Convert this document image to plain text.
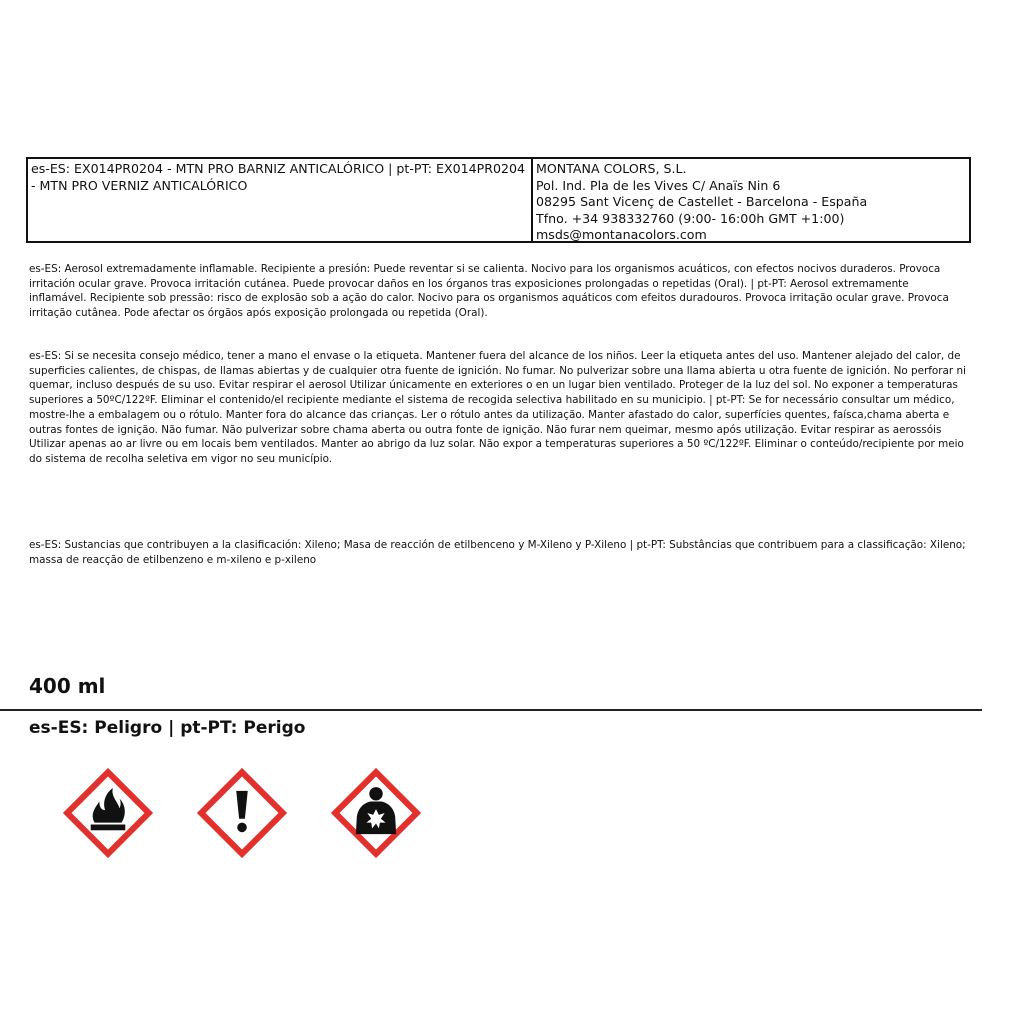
es-ES: EX014PR0204 - MTN PRO BARNIZ ANTICALÓRICO | pt-PT: EX014PR0204 - MTN PRO VERNIZ ANTICALÓRICO
MONTANA COLORS, S.L.
Pol. Ind. Pla de les Vives C/ Anaïs Nin 6
08295 Sant Vicenç de Castellet - Barcelona - España
Tfno. +34 938332760 (9:00- 16:00h GMT +1:00)
msds@montanacolors.com

es-ES: Aerosol extremadamente inflamable. Recipiente a presión: Puede reventar si se calienta. Nocivo para los organismos acuáticos, con efectos nocivos duraderos. Provoca irritación ocular grave. Provoca irritación cutánea. Puede provocar daños en los órganos tras exposiciones prolongadas o repetidas (Oral). | pt-PT: Aerosol extremamente inflamável. Recipiente sob pressão: risco de explosão sob a ação do calor. Nocivo para os organismos aquáticos com efeitos duradouros. Provoca irritação ocular grave. Provoca irritação cutânea. Pode afectar os órgãos após exposição prolongada ou repetida (Oral).

es-ES: Si se necesita consejo médico, tener a mano el envase o la etiqueta. Mantener fuera del alcance de los niños. Leer la etiqueta antes del uso. Mantener alejado del calor, de superficies calientes, de chispas, de llamas abiertas y de cualquier otra fuente de ignición. No fumar. No pulverizar sobre una llama abierta u otra fuente de ignición. No perforar ni quemar, incluso después de su uso. Evitar respirar el aerosol Utilizar únicamente en exteriores o en un lugar bien ventilado. Proteger de la luz del sol. No exponer a temperaturas superiores a 50ºC/122ºF. Eliminar el contenido/el recipiente mediante el sistema de recogida selectiva habilitado en su municipio. | pt-PT: Se for necessário consultar um médico, mostre-lhe a embalagem ou o rótulo. Manter fora do alcance das crianças. Ler o rótulo antes da utilização. Manter afastado do calor, superfícies quentes, faísca,chama aberta e outras fontes de ignição. Não fumar. Não pulverizar sobre chama aberta ou outra fonte de ignição. Não furar nem queimar, mesmo após utilização. Evitar respirar as aerossóis Utilizar apenas ao ar livre ou em locais bem ventilados. Manter ao abrigo da luz solar. Não expor a temperaturas superiores a 50 ºC/122ºF. Eliminar o conteúdo/recipiente por meio do sistema de recolha seletiva em vigor no seu município.

es-ES: Sustancias que contribuyen a la clasificación: Xileno; Masa de reacción de etilbenceno y M-Xileno y P-Xileno | pt-PT: Substâncias que contribuem para a classificação: Xileno; massa de reacção de etilbenzeno e m-xileno e p-xileno

400 ml

es-ES: Peligro | pt-PT: Perigo
